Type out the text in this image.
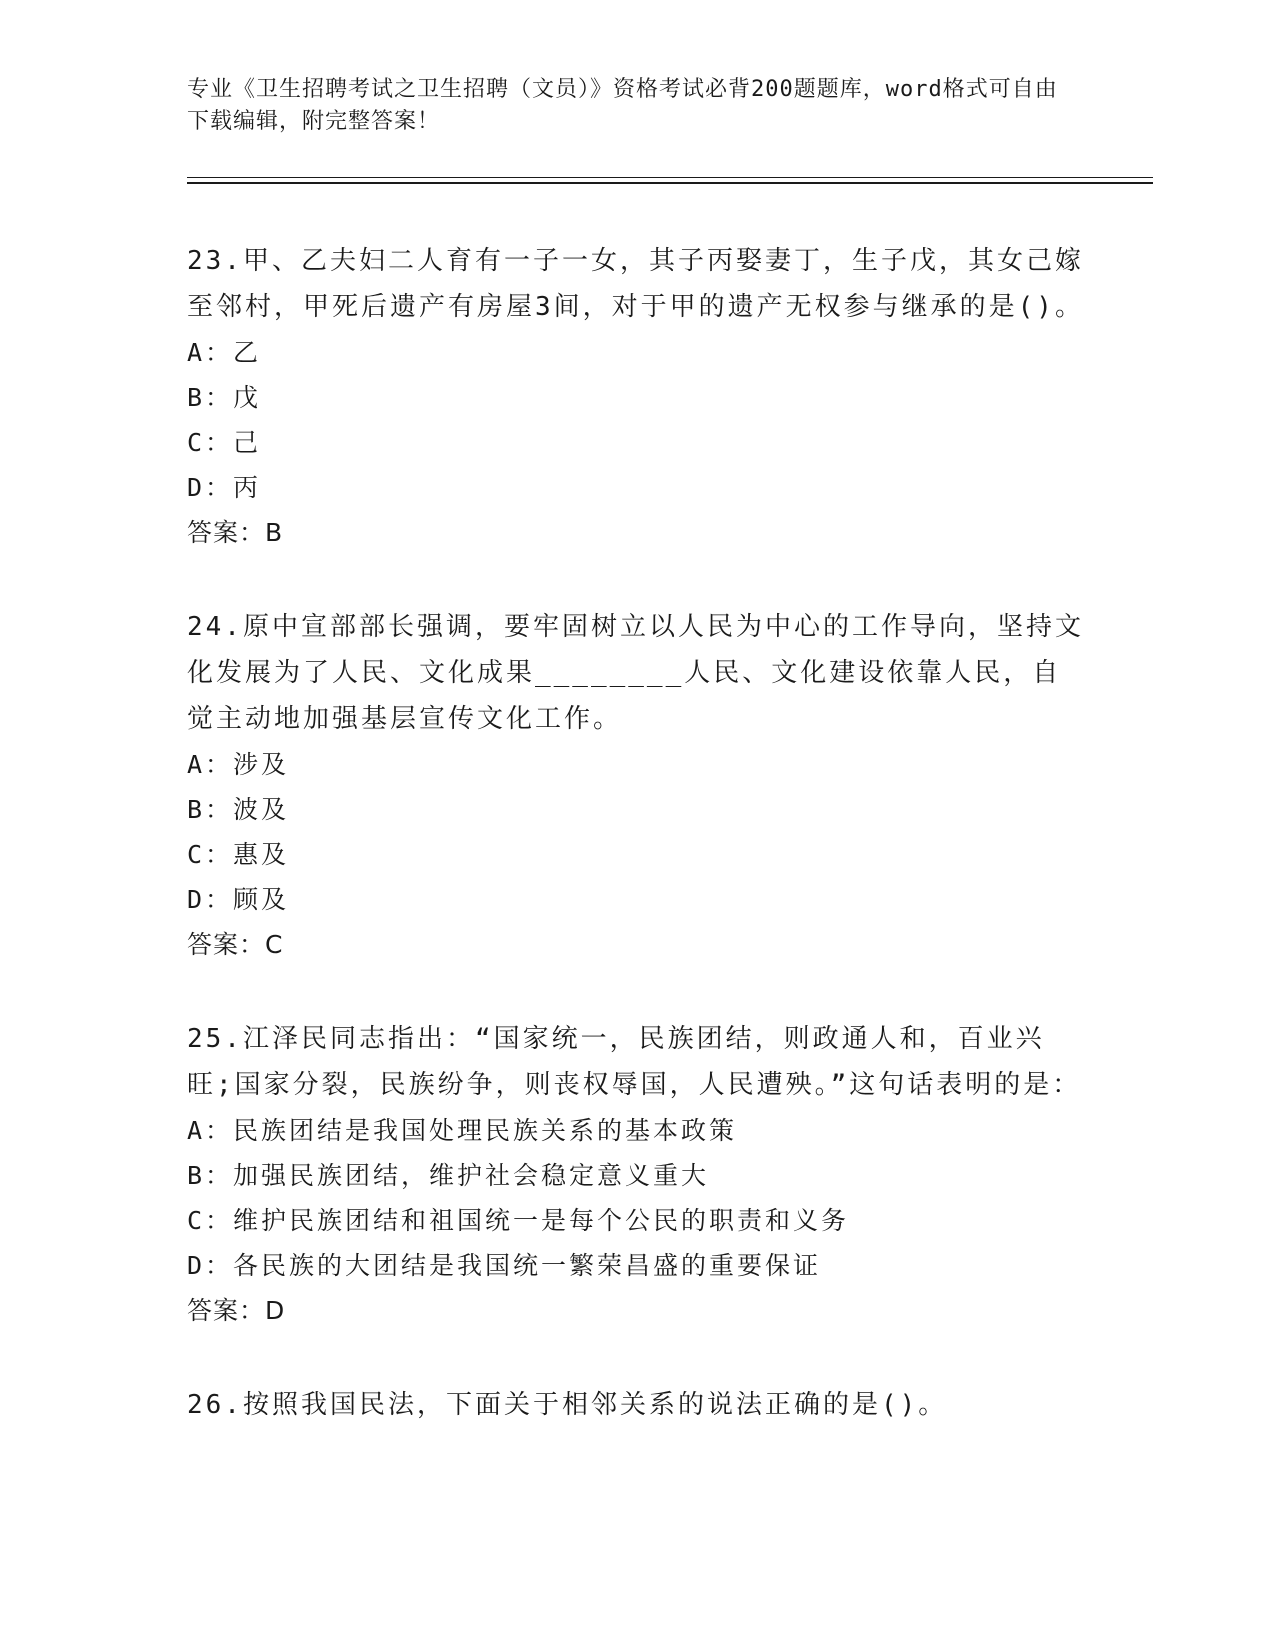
专业《卫生招聘考试之卫生招聘（文员）》资格考试必背200题题库，word格式可自由下载编辑，附完整答案！

23.甲、乙夫妇二人育有一子一女，其子丙娶妻丁，生子戊，其女己嫁至邻村，甲死后遗产有房屋3间，对于甲的遗产无权参与继承的是()。

A：乙

B：戊

C：己

D：丙

答案：B

24.原中宣部部长强调，要牢固树立以人民为中心的工作导向，坚持文化发展为了人民、文化成果________人民、文化建设依靠人民，自觉主动地加强基层宣传文化工作。

A：涉及

B：波及

C：惠及

D：顾及

答案：C

25.江泽民同志指出：“国家统一，民族团结，则政通人和，百业兴旺;国家分裂，民族纷争，则丧权辱国，人民遭殃。”这句话表明的是：

A：民族团结是我国处理民族关系的基本政策

B：加强民族团结，维护社会稳定意义重大

C：维护民族团结和祖国统一是每个公民的职责和义务

D：各民族的大团结是我国统一繁荣昌盛的重要保证

答案：D

26.按照我国民法，下面关于相邻关系的说法正确的是()。
